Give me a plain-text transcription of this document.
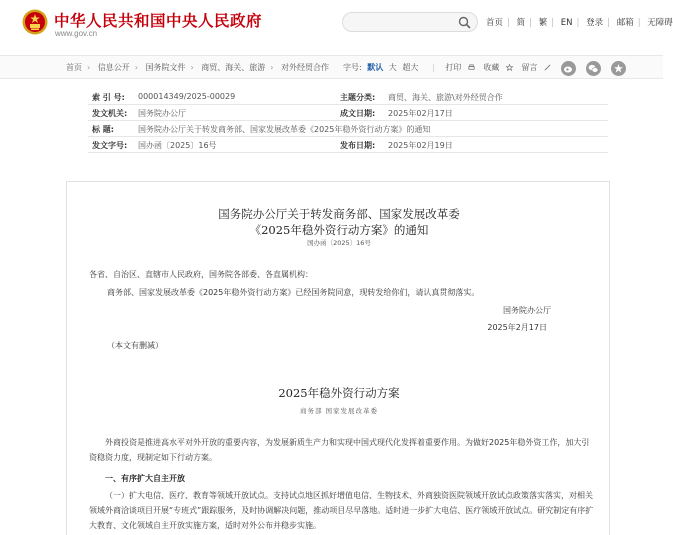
中华人民共和国中央人民政府
www.gov.cn
首页 | 简 | 繁 | EN | 登录 | 邮箱 | 无障碍
首页 › 信息公开 › 国务院文件 › 商贸、海关、旅游 › 对外经贸合作 字号: 默认 大 超大 | 打印	收藏	留言

索 引 号: 000014349/2025-00029	主题分类: 商贸、海关、旅游\对外经贸合作
发文机关: 国务院办公厅	成文日期: 2025年02月17日
标 题:	国务院办公厅关于转发商务部、国家发展改革委《2025年稳外资行动方案》的通知
发文字号: 国办函〔2025〕16号	发布日期: 2025年02月19日
国务院办公厅关于转发商务部、国家发展改革委
《2025年稳外资行动方案》的通知
国办函〔2025〕16号
各省、自治区、直辖市人民政府，国务院各部委、各直属机构：
商务部、国家发展改革委《2025年稳外资行动方案》已经国务院同意，现转发给你们，请认真贯彻落实。
国务院办公厅
2025年2月17日
（本文有删减）
2025年稳外资行动方案
商务部 国家发展改革委
外商投资是推进高水平对外开放的重要内容，为发展新质生产力和实现中国式现代化发挥着重要作用。为做好2025年稳外资工作，加大引资稳资力度，现制定如下行动方案。
一、有序扩大自主开放
（一）扩大电信、医疗、教育等领域开放试点。支持试点地区抓好增值电信、生物技术、外商独资医院领域开放试点政策落实落实，对相关领域外商洽谈项目开展“专班式”跟踪服务，及时协调解决问题，推动项目尽早落地。适时进一步扩大电信、医疗领域开放试点。研究制定有序扩大教育、文化领域自主开放实施方案，适时对外公布并稳步实施。
